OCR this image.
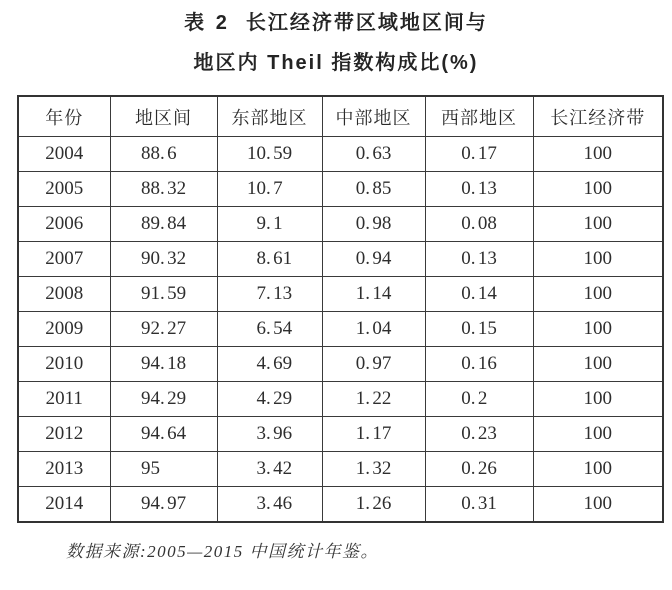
表 2 长江经济带区域地区间与
地区内 Theil 指数构成比(%)
年份	地区间	东部地区	中部地区	西部地区	长江经济带
2004	88. 6	10. 59	0. 63	0. 17	100
2005	88. 32	10. 7	0. 85	0. 13	100
2006	89. 84	9. 1	0. 98	0. 08	100
2007	90. 32	8. 61	0. 94	0. 13	100
2008	91. 59	7. 13	1. 14	0. 14	100
2009	92. 27	6. 54	1. 04	0. 15	100
2010	94. 18	4. 69	0. 97	0. 16	100
2011	94. 29	4. 29	1. 22	0. 2	100
2012	94. 64	3. 96	1. 17	0. 23	100
2013	95	3. 42	1. 32	0. 26	100
2014	94. 97	3. 46	1. 26	0. 31	100
数据来源:2005—2015 中国统计年鉴。
